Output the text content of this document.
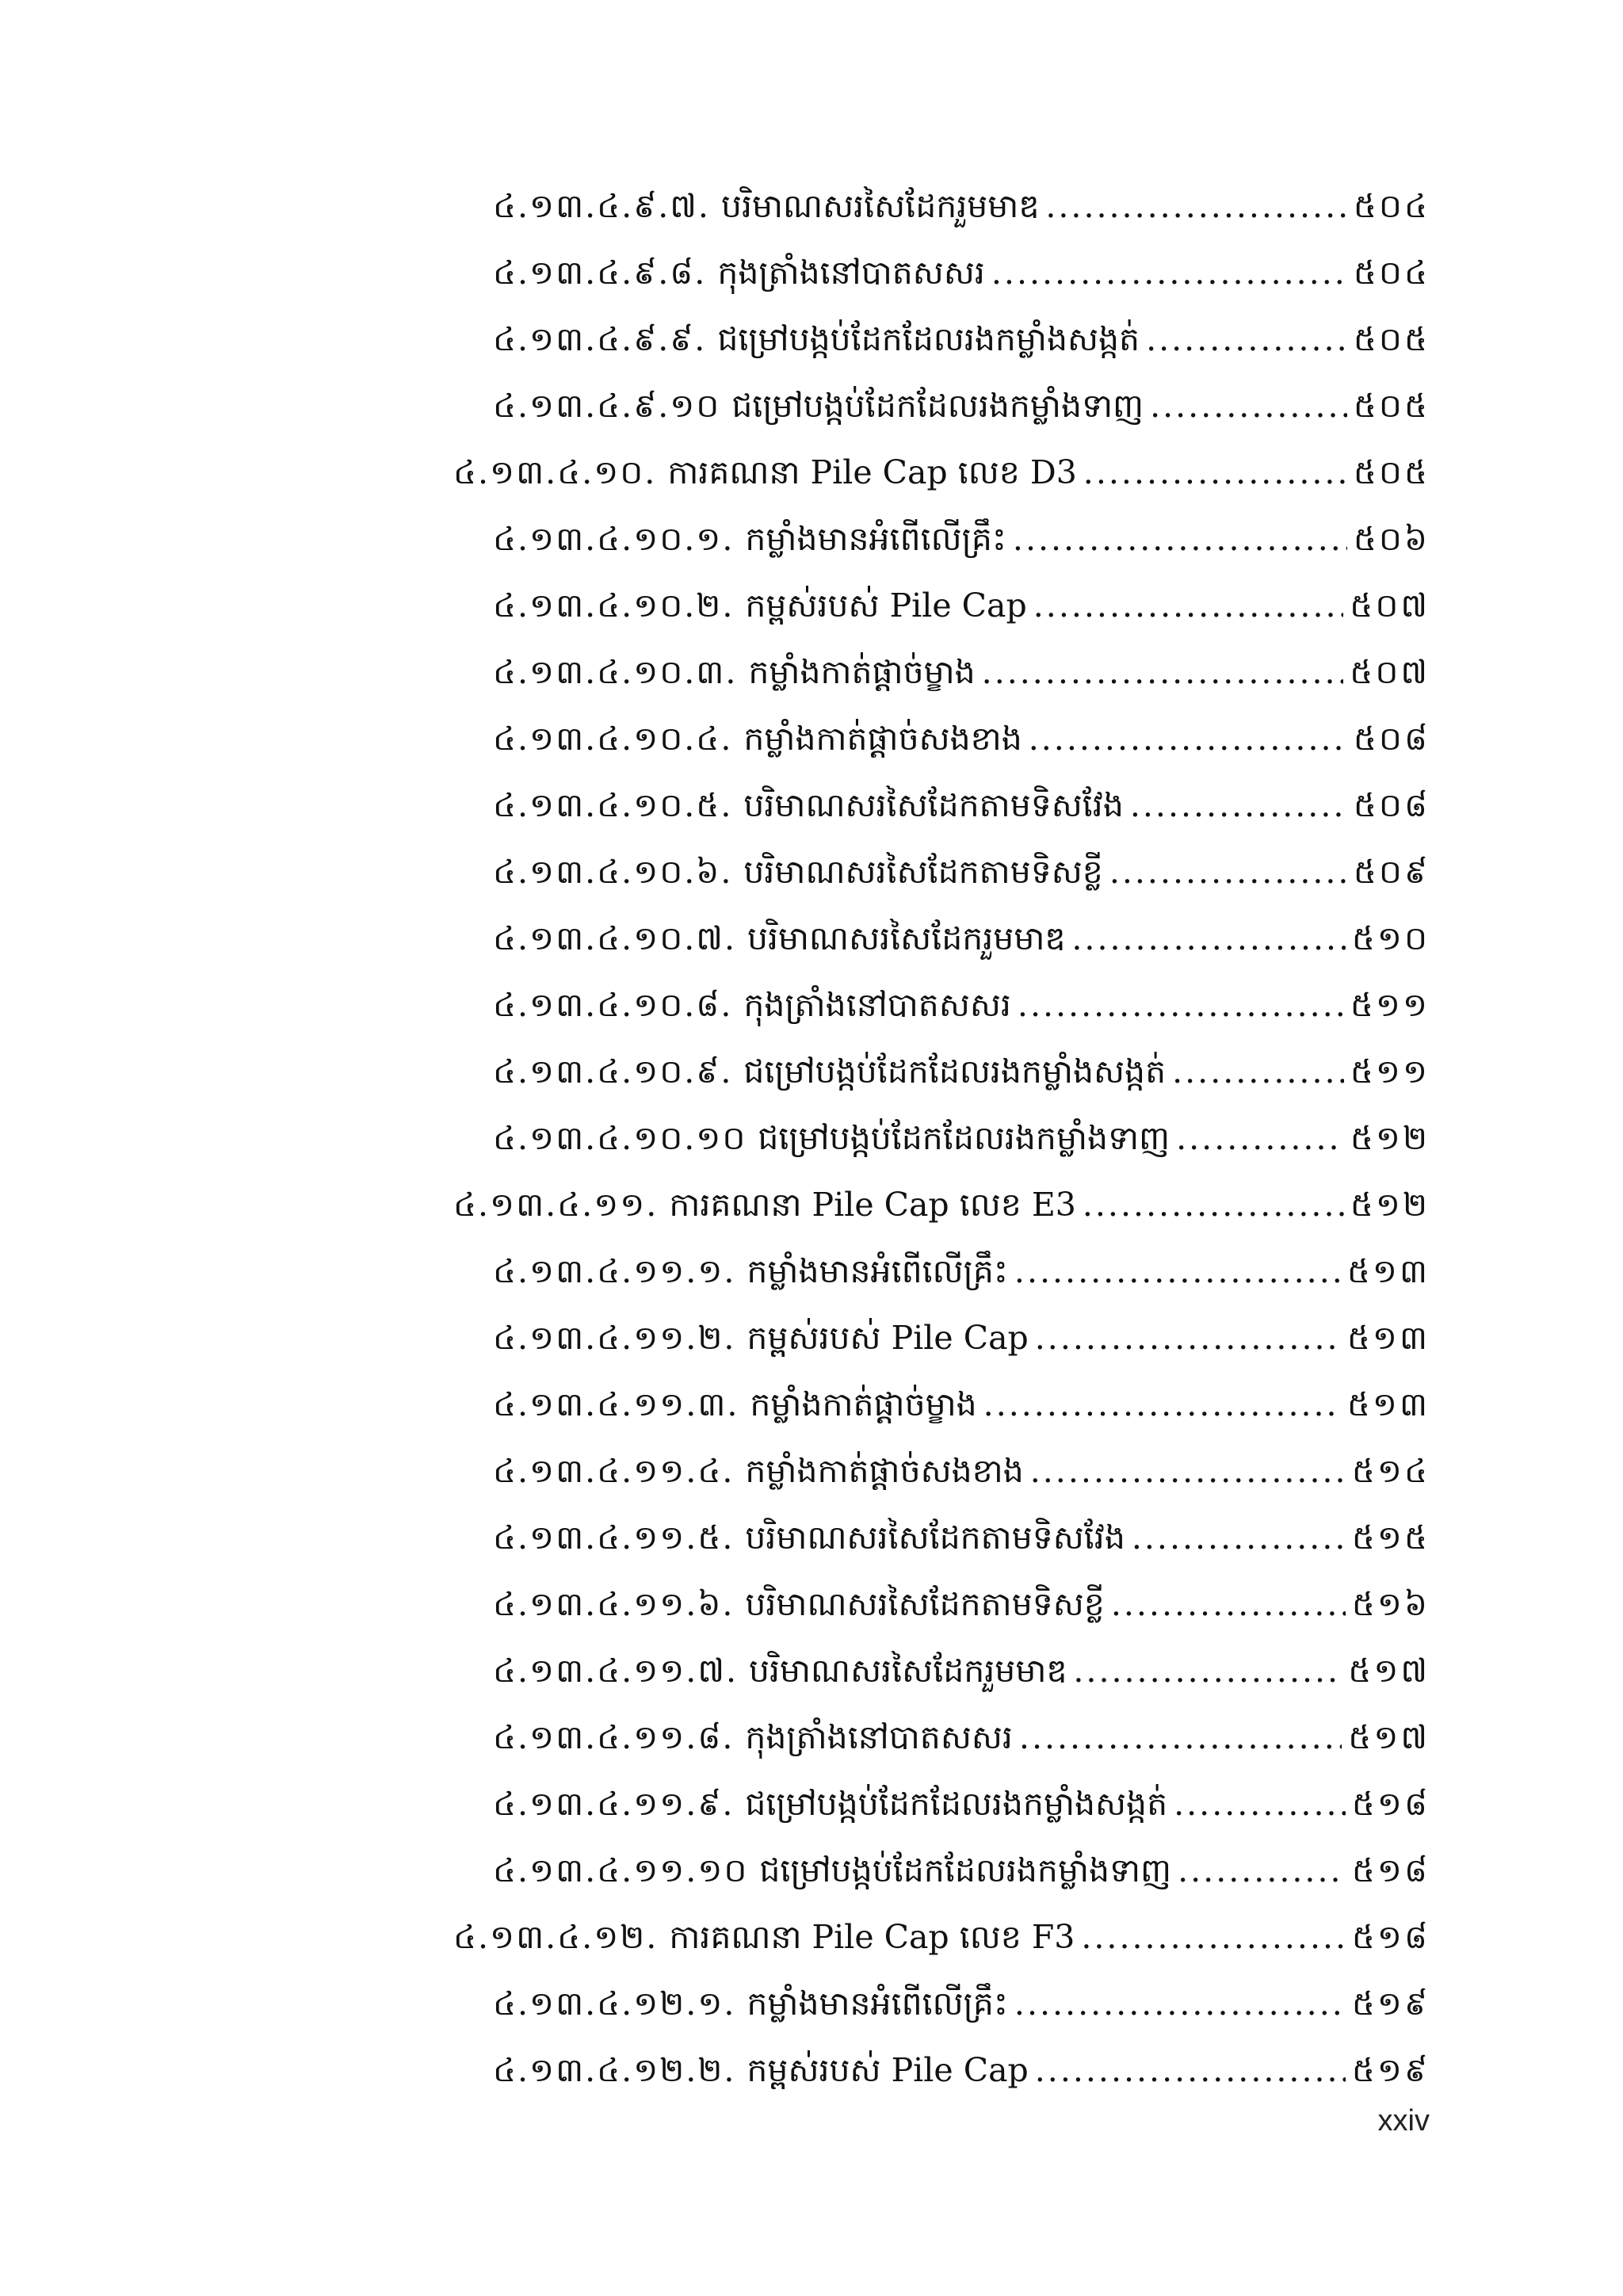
៤.១៣.៤.៩.៧. បរិមាណសរសៃដែករួមមាឌ .....	៥០៤
៤.១៣.៤.៩.៨. កុងត្រាំងនៅបាតសសរ .....	៥០៤
៤.១៣.៤.៩.៩. ជម្រៅបង្កប់ដែកដែលរងកម្លាំងសង្កត់ .....	៥០៥
៤.១៣.៤.៩.១០ ជម្រៅបង្កប់ដែកដែលរងកម្លាំងទាញ .....	៥០៥
៤.១៣.៤.១០. ការគណនា Pile Cap លេខ D3 .....	៥០៥
៤.១៣.៤.១០.១. កម្លាំងមានអំពើលើគ្រឹះ .....	៥០៦
៤.១៣.៤.១០.២. កម្ពស់របស់ Pile Cap .....	៥០៧
៤.១៣.៤.១០.៣. កម្លាំងកាត់ផ្តាច់ម្ខាង .....	៥០៧
៤.១៣.៤.១០.៤. កម្លាំងកាត់ផ្តាច់សងខាង .....	៥០៨
៤.១៣.៤.១០.៥. បរិមាណសរសៃដែកតាមទិសវែង .....	៥០៨
៤.១៣.៤.១០.៦. បរិមាណសរសៃដែកតាមទិសខ្លី .....	៥០៩
៤.១៣.៤.១០.៧. បរិមាណសរសៃដែករួមមាឌ .....	៥១០
៤.១៣.៤.១០.៨. កុងត្រាំងនៅបាតសសរ .....	៥១១
៤.១៣.៤.១០.៩. ជម្រៅបង្កប់ដែកដែលរងកម្លាំងសង្កត់ .....	៥១១
៤.១៣.៤.១០.១០ ជម្រៅបង្កប់ដែកដែលរងកម្លាំងទាញ .....	៥១២
៤.១៣.៤.១១. ការគណនា Pile Cap លេខ E3 .....	៥១២
៤.១៣.៤.១១.១. កម្លាំងមានអំពើលើគ្រឹះ .....	៥១៣
៤.១៣.៤.១១.២. កម្ពស់របស់ Pile Cap .....	៥១៣
៤.១៣.៤.១១.៣. កម្លាំងកាត់ផ្តាច់ម្ខាង .....	៥១៣
៤.១៣.៤.១១.៤. កម្លាំងកាត់ផ្តាច់សងខាង .....	៥១៤
៤.១៣.៤.១១.៥. បរិមាណសរសៃដែកតាមទិសវែង .....	៥១៥
៤.១៣.៤.១១.៦. បរិមាណសរសៃដែកតាមទិសខ្លី .....	៥១៦
៤.១៣.៤.១១.៧. បរិមាណសរសៃដែករួមមាឌ .....	៥១៧
៤.១៣.៤.១១.៨. កុងត្រាំងនៅបាតសសរ .....	៥១៧
៤.១៣.៤.១១.៩. ជម្រៅបង្កប់ដែកដែលរងកម្លាំងសង្កត់ .....	៥១៨
៤.១៣.៤.១១.១០ ជម្រៅបង្កប់ដែកដែលរងកម្លាំងទាញ .....	៥១៨
៤.១៣.៤.១២. ការគណនា Pile Cap លេខ F3 .....	៥១៨
៤.១៣.៤.១២.១. កម្លាំងមានអំពើលើគ្រឹះ .....	៥១៩
៤.១៣.៤.១២.២. កម្ពស់របស់ Pile Cap .....	៥១៩
xxiv
